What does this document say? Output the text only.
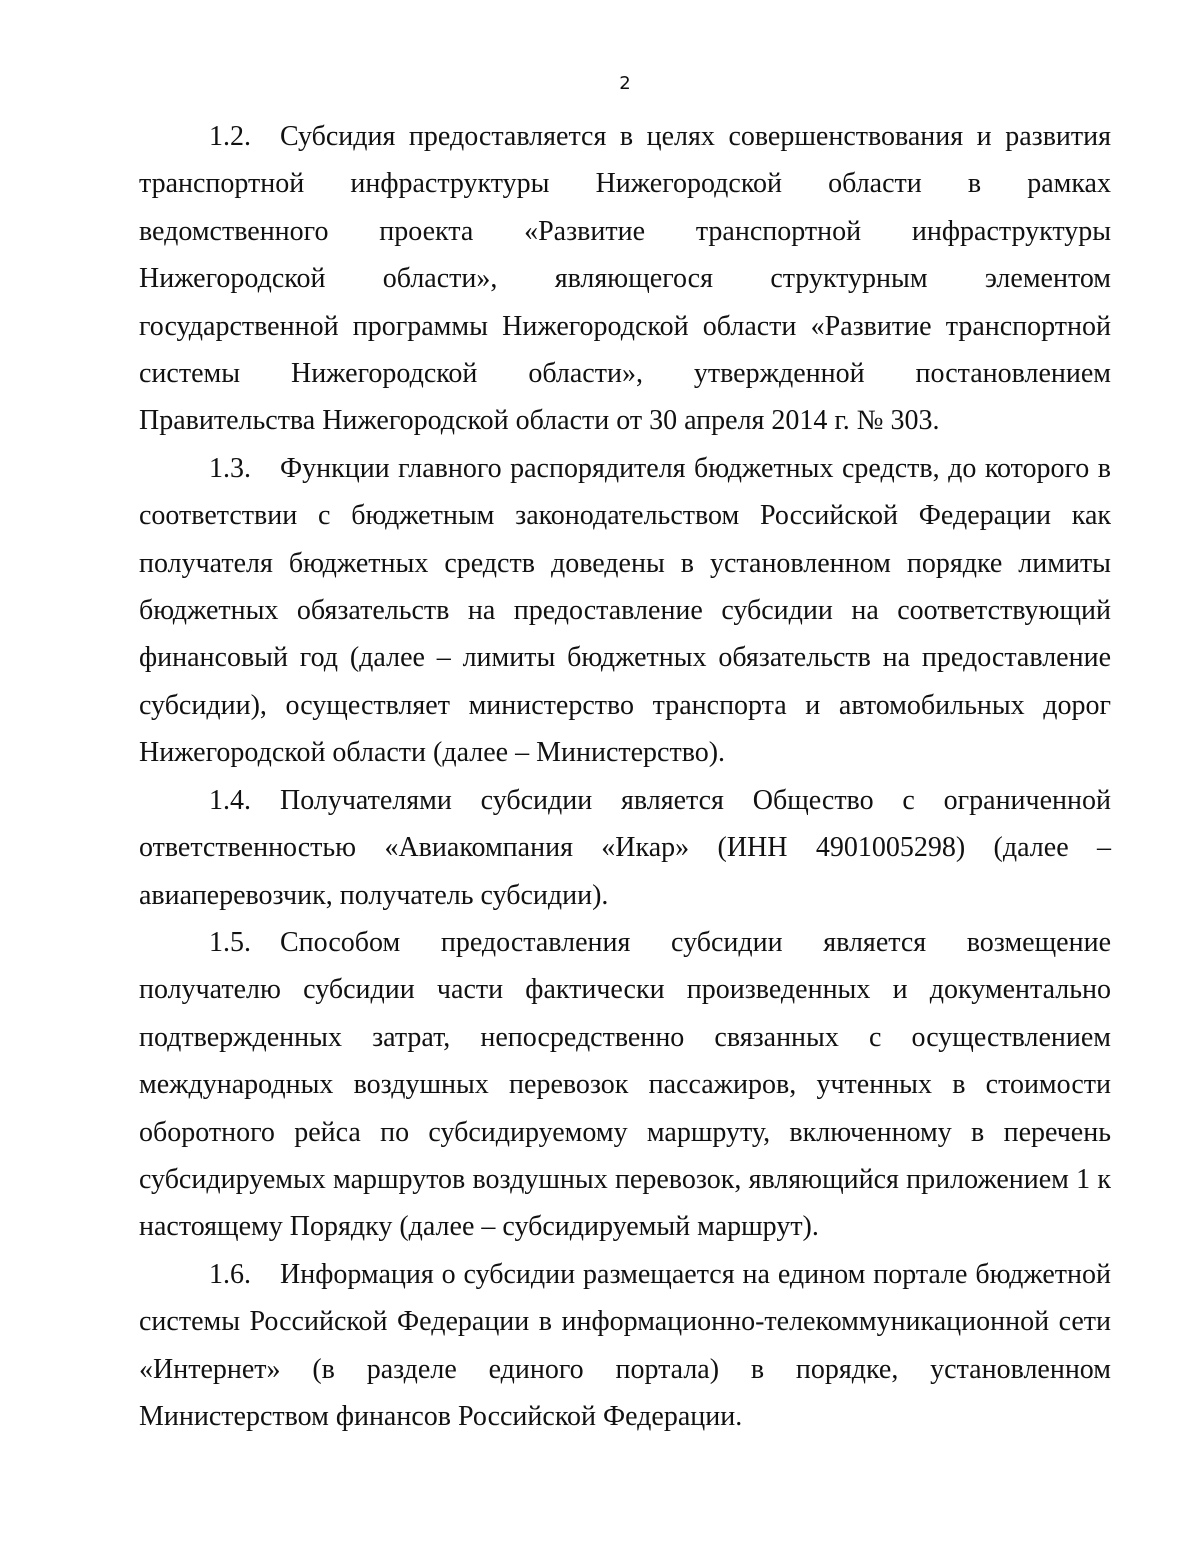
2

1.2. Субсидия предоставляется в целях совершенствования и развития транспортной инфраструктуры Нижегородской области в рамках ведомственного проекта «Развитие транспортной инфраструктуры Нижегородской области», являющегося структурным элементом государственной программы Нижегородской области «Развитие транспортной системы Нижегородской области», утвержденной постановлением Правительства Нижегородской области от 30 апреля 2014 г. № 303.

1.3. Функции главного распорядителя бюджетных средств, до которого в соответствии с бюджетным законодательством Российской Федерации как получателя бюджетных средств доведены в установленном порядке лимиты бюджетных обязательств на предоставление субсидии на соответствующий финансовый год (далее – лимиты бюджетных обязательств на предоставление субсидии), осуществляет министерство транспорта и автомобильных дорог Нижегородской области (далее – Министерство).

1.4. Получателями субсидии является Общество с ограниченной ответственностью «Авиакомпания «Икар» (ИНН 4901005298) (далее – авиаперевозчик, получатель субсидии).

1.5. Способом предоставления субсидии является возмещение получателю субсидии части фактически произведенных и документально подтвержденных затрат, непосредственно связанных с осуществлением международных воздушных перевозок пассажиров, учтенных в стоимости оборотного рейса по субсидируемому маршруту, включенному в перечень субсидируемых маршрутов воздушных перевозок, являющийся приложением 1 к настоящему Порядку (далее – субсидируемый маршрут).

1.6. Информация о субсидии размещается на едином портале бюджетной системы Российской Федерации в информационно-телекоммуникационной сети «Интернет» (в разделе единого портала) в порядке, установленном Министерством финансов Российской Федерации.
